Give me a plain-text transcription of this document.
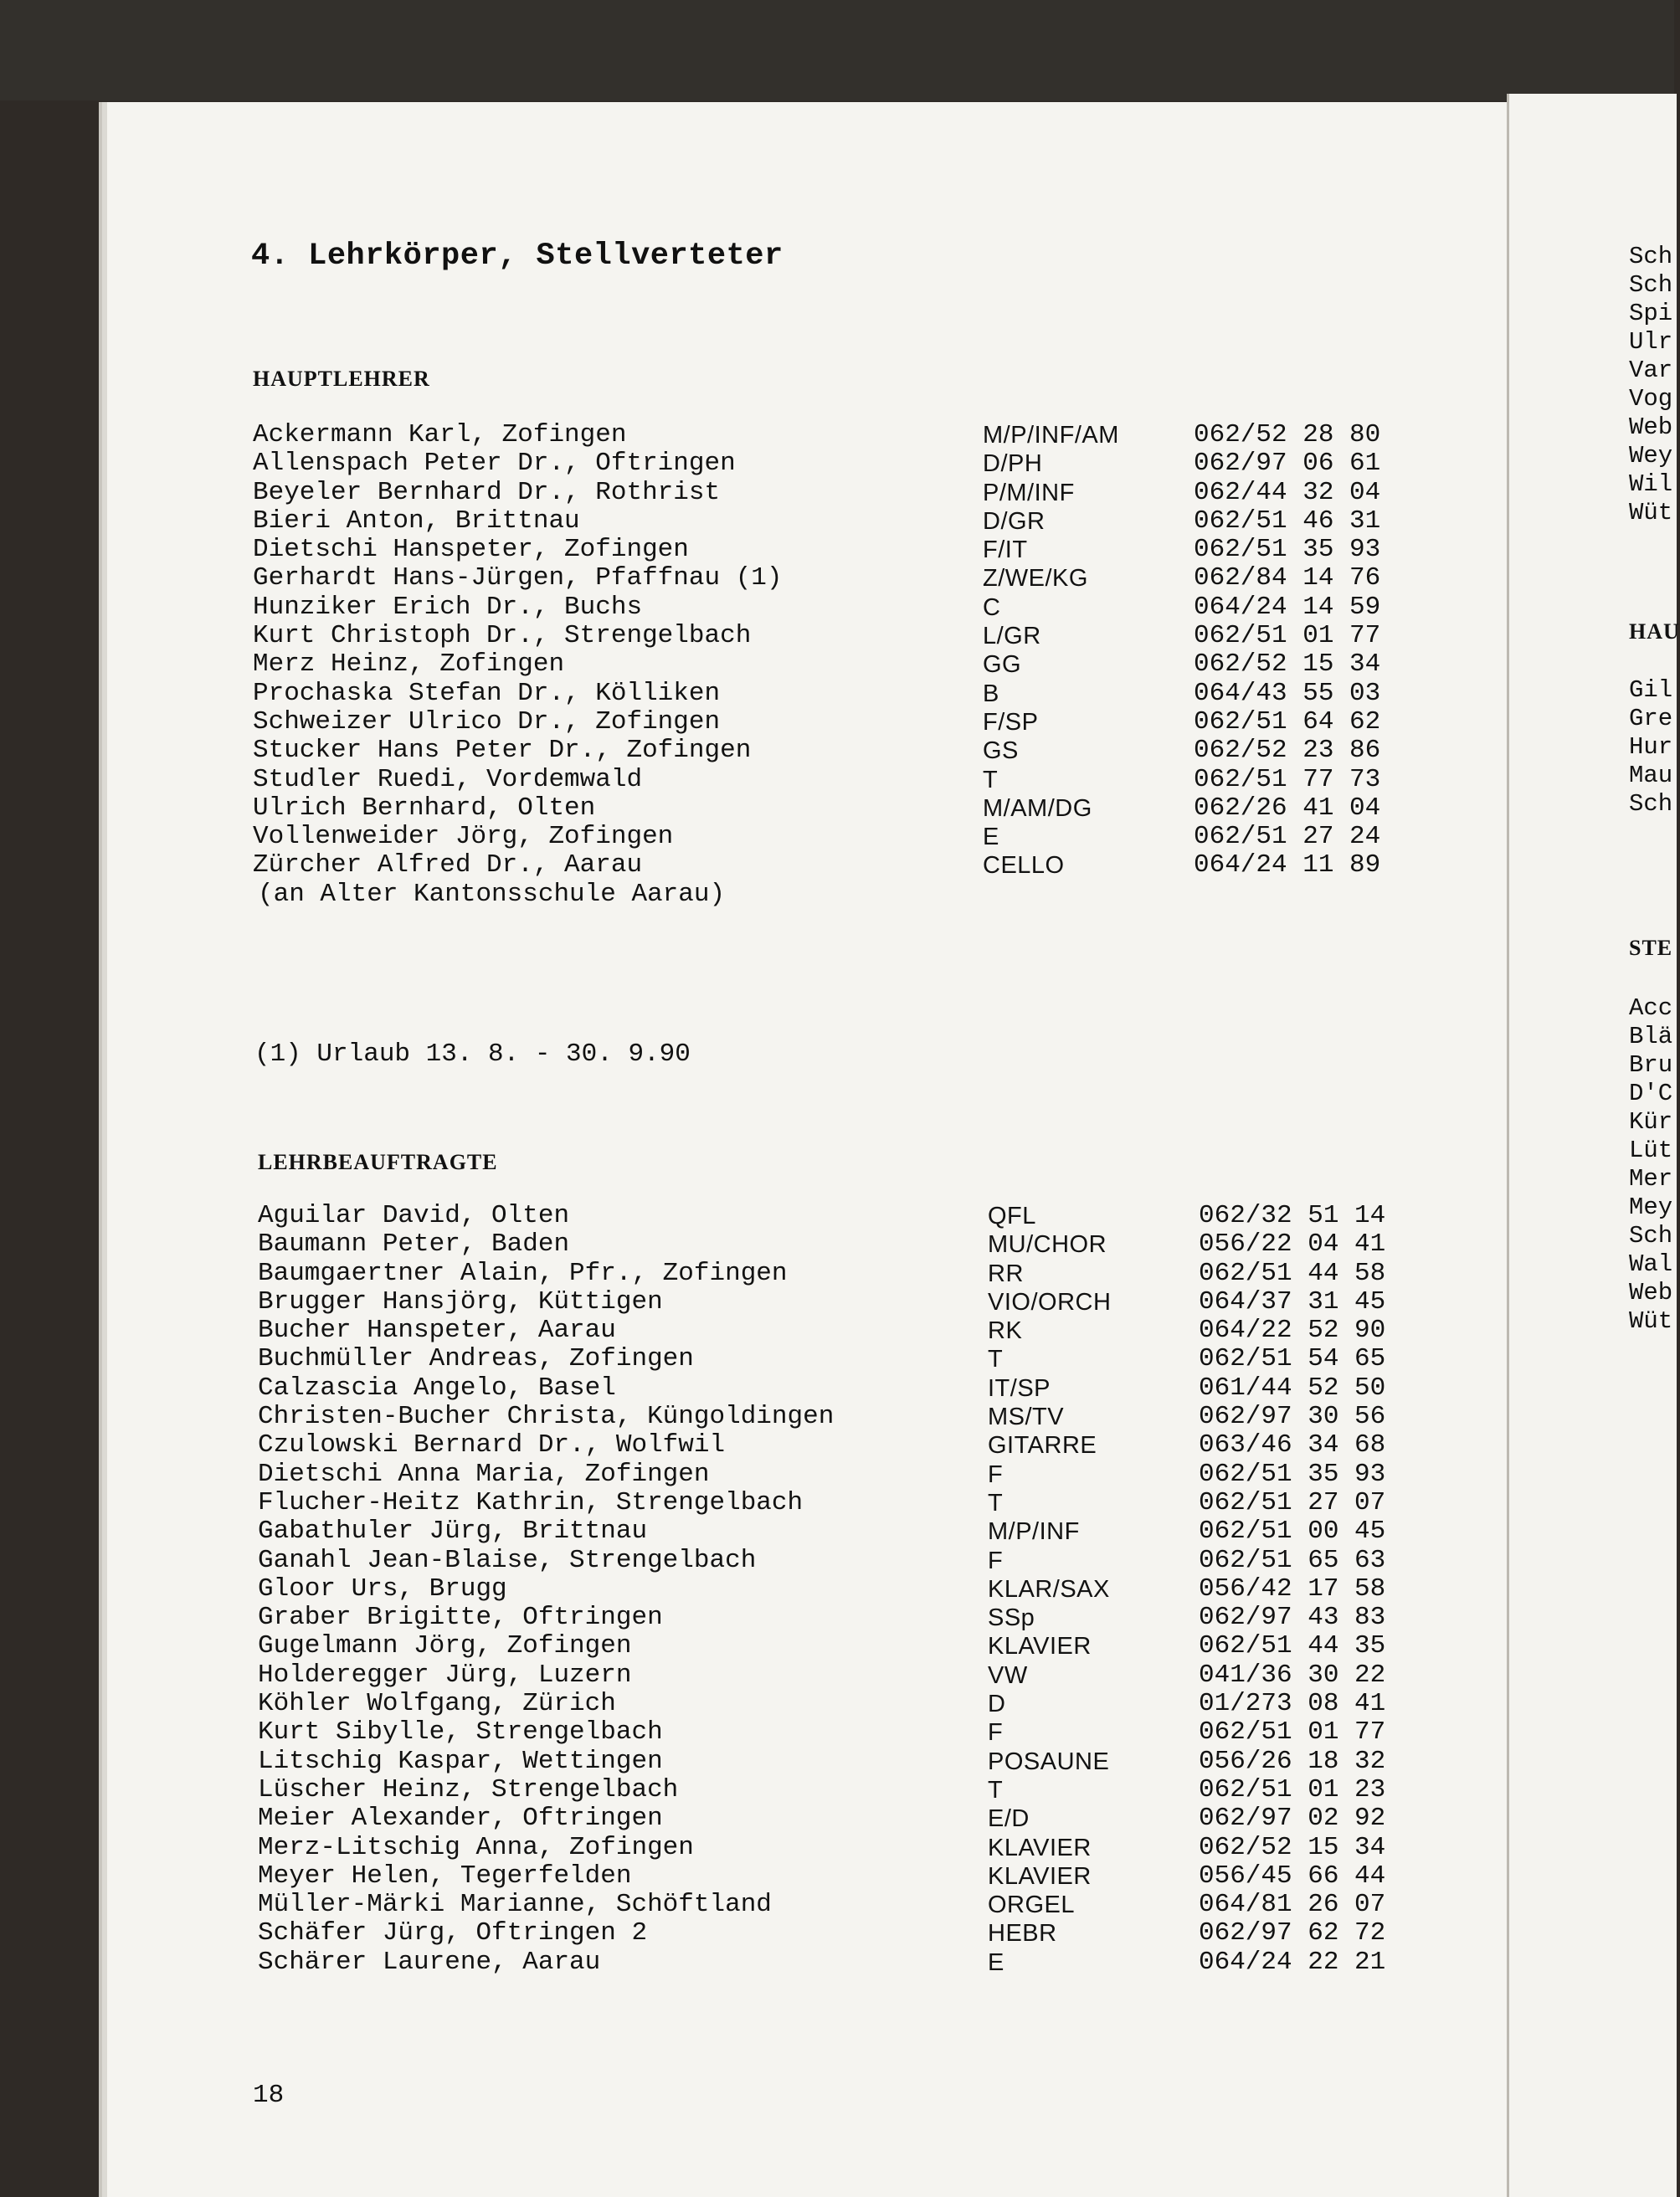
4. Lehrkörper, Stellverteter
HAUPTLEHRER
Ackermann Karl, Zofingen	M/P/INF/AM	062/52 28 80
Allenspach Peter Dr., Oftringen	D/PH	062/97 06 61
Beyeler Bernhard Dr., Rothrist	P/M/INF	062/44 32 04
Bieri Anton, Brittnau	D/GR	062/51 46 31
Dietschi Hanspeter, Zofingen	F/IT	062/51 35 93
Gerhardt Hans-Jürgen, Pfaffnau (1)	Z/WE/KG	062/84 14 76
Hunziker Erich Dr., Buchs	C	064/24 14 59
Kurt Christoph Dr., Strengelbach	L/GR	062/51 01 77
Merz Heinz, Zofingen	GG	062/52 15 34
Prochaska Stefan Dr., Kölliken	B	064/43 55 03
Schweizer Ulrico Dr., Zofingen	F/SP	062/51 64 62
Stucker Hans Peter Dr., Zofingen	GS	062/52 23 86
Studler Ruedi, Vordemwald	T	062/51 77 73
Ulrich Bernhard, Olten	M/AM/DG	062/26 41 04
Vollenweider Jörg, Zofingen	E	062/51 27 24
Zürcher Alfred Dr., Aarau	CELLO	064/24 11 89
(an Alter Kantonsschule Aarau)
(1) Urlaub 13. 8. - 30. 9.90
LEHRBEAUFTRAGTE
Aguilar David, Olten	QFL	062/32 51 14
Baumann Peter, Baden	MU/CHOR	056/22 04 41
Baumgaertner Alain, Pfr., Zofingen	RR	062/51 44 58
Brugger Hansjörg, Küttigen	VIO/ORCH	064/37 31 45
Bucher Hanspeter, Aarau	RK	064/22 52 90
Buchmüller Andreas, Zofingen	T	062/51 54 65
Calzascia Angelo, Basel	IT/SP	061/44 52 50
Christen-Bucher Christa, Küngoldingen	MS/TV	062/97 30 56
Czulowski Bernard Dr., Wolfwil	GITARRE	063/46 34 68
Dietschi Anna Maria, Zofingen	F	062/51 35 93
Flucher-Heitz Kathrin, Strengelbach	T	062/51 27 07
Gabathuler Jürg, Brittnau	M/P/INF	062/51 00 45
Ganahl Jean-Blaise, Strengelbach	F	062/51 65 63
Gloor Urs, Brugg	KLAR/SAX	056/42 17 58
Graber Brigitte, Oftringen	SSp	062/97 43 83
Gugelmann Jörg, Zofingen	KLAVIER	062/51 44 35
Holderegger Jürg, Luzern	VW	041/36 30 22
Köhler Wolfgang, Zürich	D	01/273 08 41
Kurt Sibylle, Strengelbach	F	062/51 01 77
Litschig Kaspar, Wettingen	POSAUNE	056/26 18 32
Lüscher Heinz, Strengelbach	T	062/51 01 23
Meier Alexander, Oftringen	E/D	062/97 02 92
Merz-Litschig Anna, Zofingen	KLAVIER	062/52 15 34
Meyer Helen, Tegerfelden	KLAVIER	056/45 66 44
Müller-Märki Marianne, Schöftland	ORGEL	064/81 26 07
Schäfer Jürg, Oftringen 2	HEBR	062/97 62 72
Schärer Laurene, Aarau	E	064/24 22 21
18
Sch
Sch
Spi
Ulr
Var
Vog
Web
Wey
Wil
Wüt
HAU
Gil
Gre
Hur
Mau
Sch
STE
Acc
Blä
Bru
D'C
Kür
Lüt
Mer
Mey
Sch
Wal
Web
Wüt
